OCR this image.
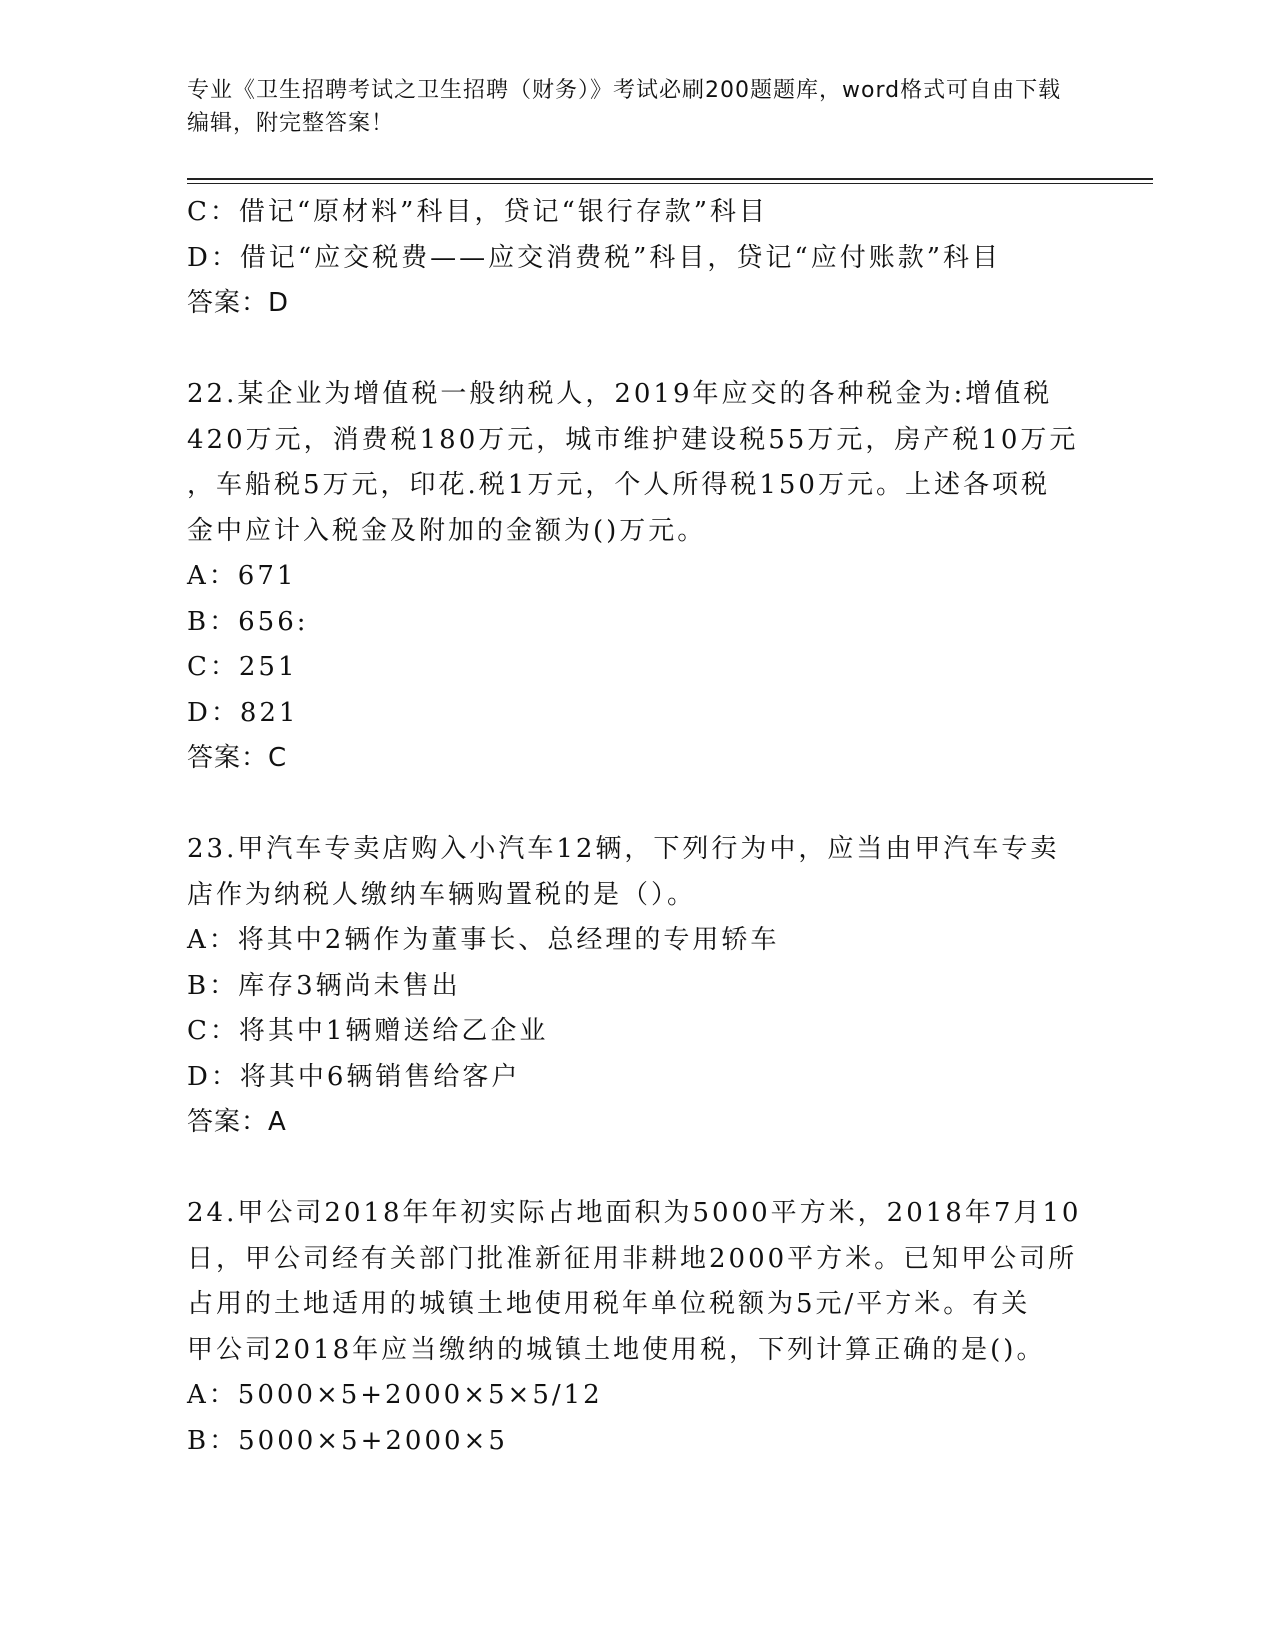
专业《卫生招聘考试之卫生招聘（财务）》考试必刷200题题库，word格式可自由下载编辑，附完整答案！
C：借记“原材料”科目，贷记“银行存款”科目
D：借记“应交税费——应交消费税”科目，贷记“应付账款”科目
答案：D
22.某企业为增值税一般纳税人，2019年应交的各种税金为:增值税
420万元，消费税180万元，城市维护建设税55万元，房产税10万元
，车船税5万元，印花.税1万元，个人所得税150万元。上述各项税
金中应计入税金及附加的金额为()万元。
A：671
B：656:
C：251
D：821
答案：C
23.甲汽车专卖店购入小汽车12辆，下列行为中，应当由甲汽车专卖
店作为纳税人缴纳车辆购置税的是（）。
A：将其中2辆作为董事长、总经理的专用轿车
B：库存3辆尚未售出
C：将其中1辆赠送给乙企业
D：将其中6辆销售给客户
答案：A
24.甲公司2018年年初实际占地面积为5000平方米，2018年7月10
日，甲公司经有关部门批准新征用非耕地2000平方米。已知甲公司所
占用的土地适用的城镇土地使用税年单位税额为5元/平方米。有关
甲公司2018年应当缴纳的城镇土地使用税，下列计算正确的是()。
A：5000×5+2000×5×5/12
B：5000×5+2000×5
